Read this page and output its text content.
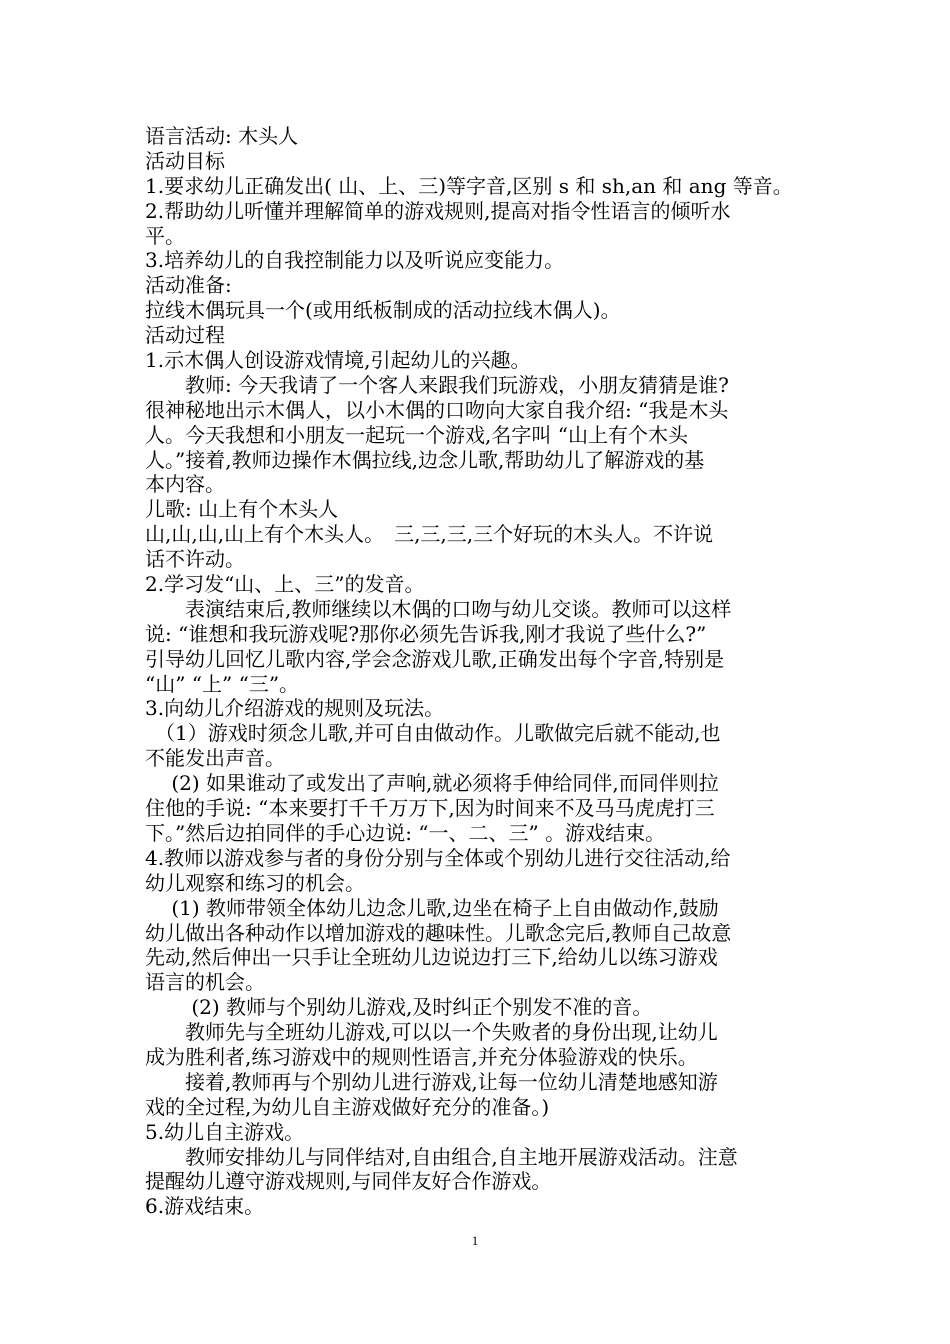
语言活动: 木头人
活动目标
1.要求幼儿正确发出( 山、上、三)等字音,区别 s 和 sh,an 和 ang 等音。
2.帮助幼儿听懂并理解简单的游戏规则,提高对指令性语言的倾听水
平。
3.培养幼儿的自我控制能力以及听说应变能力。
活动准备:
拉线木偶玩具一个(或用纸板制成的活动拉线木偶人)。
活动过程
1.示木偶人创设游戏情境,引起幼儿的兴趣。
　　教师: 今天我请了一个客人来跟我们玩游戏，小朋友猜猜是谁?
很神秘地出示木偶人，以小木偶的口吻向大家自我介绍: “我是木头
人。今天我想和小朋友一起玩一个游戏,名字叫 “山上有个木头
人。”接着,教师边操作木偶拉线,边念儿歌,帮助幼儿了解游戏的基
本内容。
儿歌: 山上有个木头人
山,山,山,山上有个木头人。　三,三,三,三个好玩的木头人。不许说
话不许动。
2.学习发“山、上、三”的发音。
　　表演结束后,教师继续以木偶的口吻与幼儿交谈。教师可以这样
说: “谁想和我玩游戏呢?那你必须先告诉我,刚才我说了些什么?”
引导幼儿回忆儿歌内容,学会念游戏儿歌,正确发出每个字音,特别是
“山” “上” “三”。
3.向幼儿介绍游戏的规则及玩法。
　（1）游戏时须念儿歌,并可自由做动作。儿歌做完后就不能动,也
不能发出声音。
　 (2) 如果谁动了或发出了声响,就必须将手伸给同伴,而同伴则拉
住他的手说: “本来要打千千万万下,因为时间来不及马马虎虎打三
下。”然后边拍同伴的手心边说: “一、二、三” 。游戏结束。
4.教师以游戏参与者的身份分别与全体或个别幼儿进行交往活动,给
幼儿观察和练习的机会。
　 (1) 教师带领全体幼儿边念儿歌,边坐在椅子上自由做动作,鼓励
幼儿做出各种动作以增加游戏的趣味性。儿歌念完后,教师自己故意
先动,然后伸出一只手让全班幼儿边说边打三下,给幼儿以练习游戏
语言的机会。
　　 (2) 教师与个别幼儿游戏,及时纠正个别发不准的音。
　　教师先与全班幼儿游戏,可以以一个失败者的身份出现,让幼儿
成为胜利者,练习游戏中的规则性语言,并充分体验游戏的快乐。
　　接着,教师再与个别幼儿进行游戏,让每一位幼儿清楚地感知游
戏的全过程,为幼儿自主游戏做好充分的准备。)
5.幼儿自主游戏。
　　教师安排幼儿与同伴结对,自由组合,自主地开展游戏活动。注意
提醒幼儿遵守游戏规则,与同伴友好合作游戏。
6.游戏结束。
1
